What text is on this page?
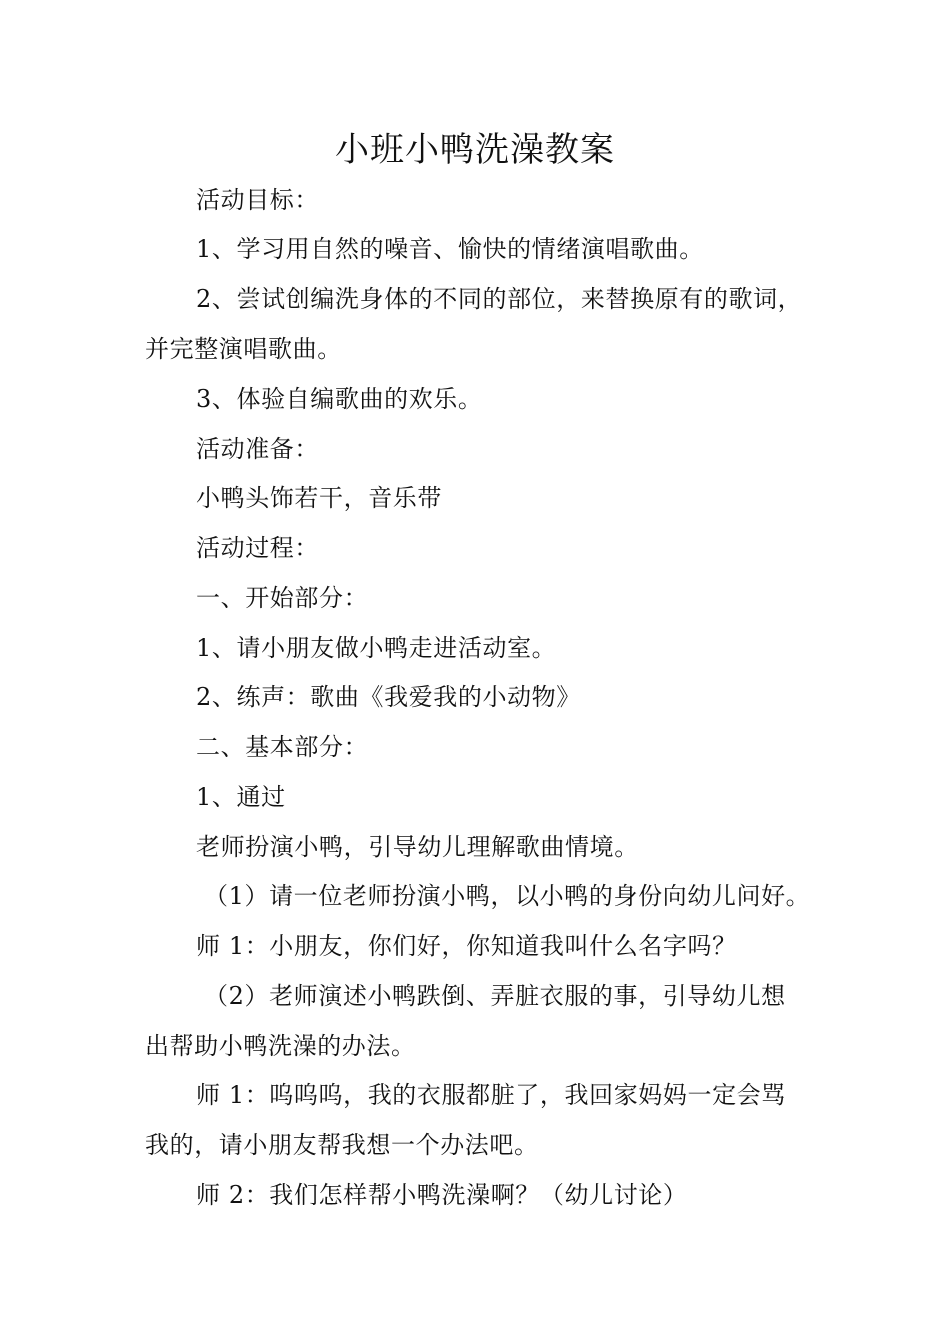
小班小鸭洗澡教案
活动目标：
1、学习用自然的噪音、愉快的情绪演唱歌曲。
2、尝试创编洗身体的不同的部位，来替换原有的歌词，
并完整演唱歌曲。
3、体验自编歌曲的欢乐。
活动准备：
小鸭头饰若干，音乐带
活动过程：
一、开始部分：
1、请小朋友做小鸭走进活动室。
2、练声：歌曲《我爱我的小动物》
二、基本部分：
1、通过
老师扮演小鸭，引导幼儿理解歌曲情境。
（1）请一位老师扮演小鸭，以小鸭的身份向幼儿问好。
师 1：小朋友，你们好，你知道我叫什么名字吗？
（2）老师演述小鸭跌倒、弄脏衣服的事，引导幼儿想
出帮助小鸭洗澡的办法。
师 1：呜呜呜，我的衣服都脏了，我回家妈妈一定会骂
我的，请小朋友帮我想一个办法吧。
师 2：我们怎样帮小鸭洗澡啊？（幼儿讨论）
